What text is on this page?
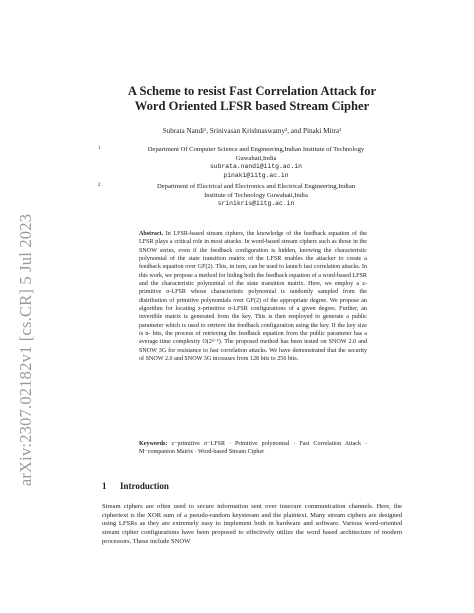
arXiv:2307.02182v1 [cs.CR] 5 Jul 2023
A Scheme to resist Fast Correlation Attack for
Word Oriented LFSR based Stream Cipher
Subrata Nandi¹, Srinivasan Krishnaswamy², and Pinaki Mitra¹
1	Department Of Computer Science and Engineering,Indian Institute of Technology
Guwahati,India
subrata.nandi@iitg.ac.in
pinaki@iitg.ac.in
2	Department of Electrical and Electronics and Electrical Engineering,Indian
Institute of Technology Guwahati,India
srinikris@iitg.ac.in
Abstract. In LFSR-based stream ciphers, the knowledge of the feedback equation of the LFSR plays a critical role in most attacks. In word-based stream ciphers such as those in the SNOW series, even if the feedback configuration is hidden, knowing the characteristic polynomial of the state transition matrix of the LFSR enables the attacker to create a feedback equation over GF(2). This, in turn, can be used to launch fast correlation attacks. In this work, we propose a method for hiding both the feedback equation of a word-based LFSR and the characteristic polynomial of the state transition matrix. Here, we employ a z-primitive σ-LFSR whose characteristic polynomial is randomly sampled from the distribution of primitive polynomials over GF(2) of the appropriate degree. We propose an algorithm for locating z-primitive σ-LFSR configurations of a given degree. Further, an invertible matrix is generated from the key. This is then employed to generate a public parameter which is used to retrieve the feedback configuration using the key. If the key size is n- bits, the process of retrieving the feedback equation from the public parameter has a average time complexity O(2ⁿ⁻¹). The proposed method has been tested on SNOW 2.0 and SNOW 3G for resistance to fast correlation attacks. We have demonstrated that the security of SNOW 2.0 and SNOW 3G increases from 128 bits to 256 bits.
Keywords: z−primitive σ−LFSR · Primitive polynomial · Fast Correlation Attack · M−companion Matrix · Word-based Stream Cipher
1 Introduction
Stream ciphers are often used to secure information sent over insecure communication channels. Here, the ciphertext is the XOR sum of a pseudo-random keystream and the plaintext. Many stream ciphers are designed using LFSRs as they are extremely easy to implement both in hardware and software. Various word-oriented stream cipher configurations have been proposed to effectively utilize the word based architecture of modern processors. These include SNOW
